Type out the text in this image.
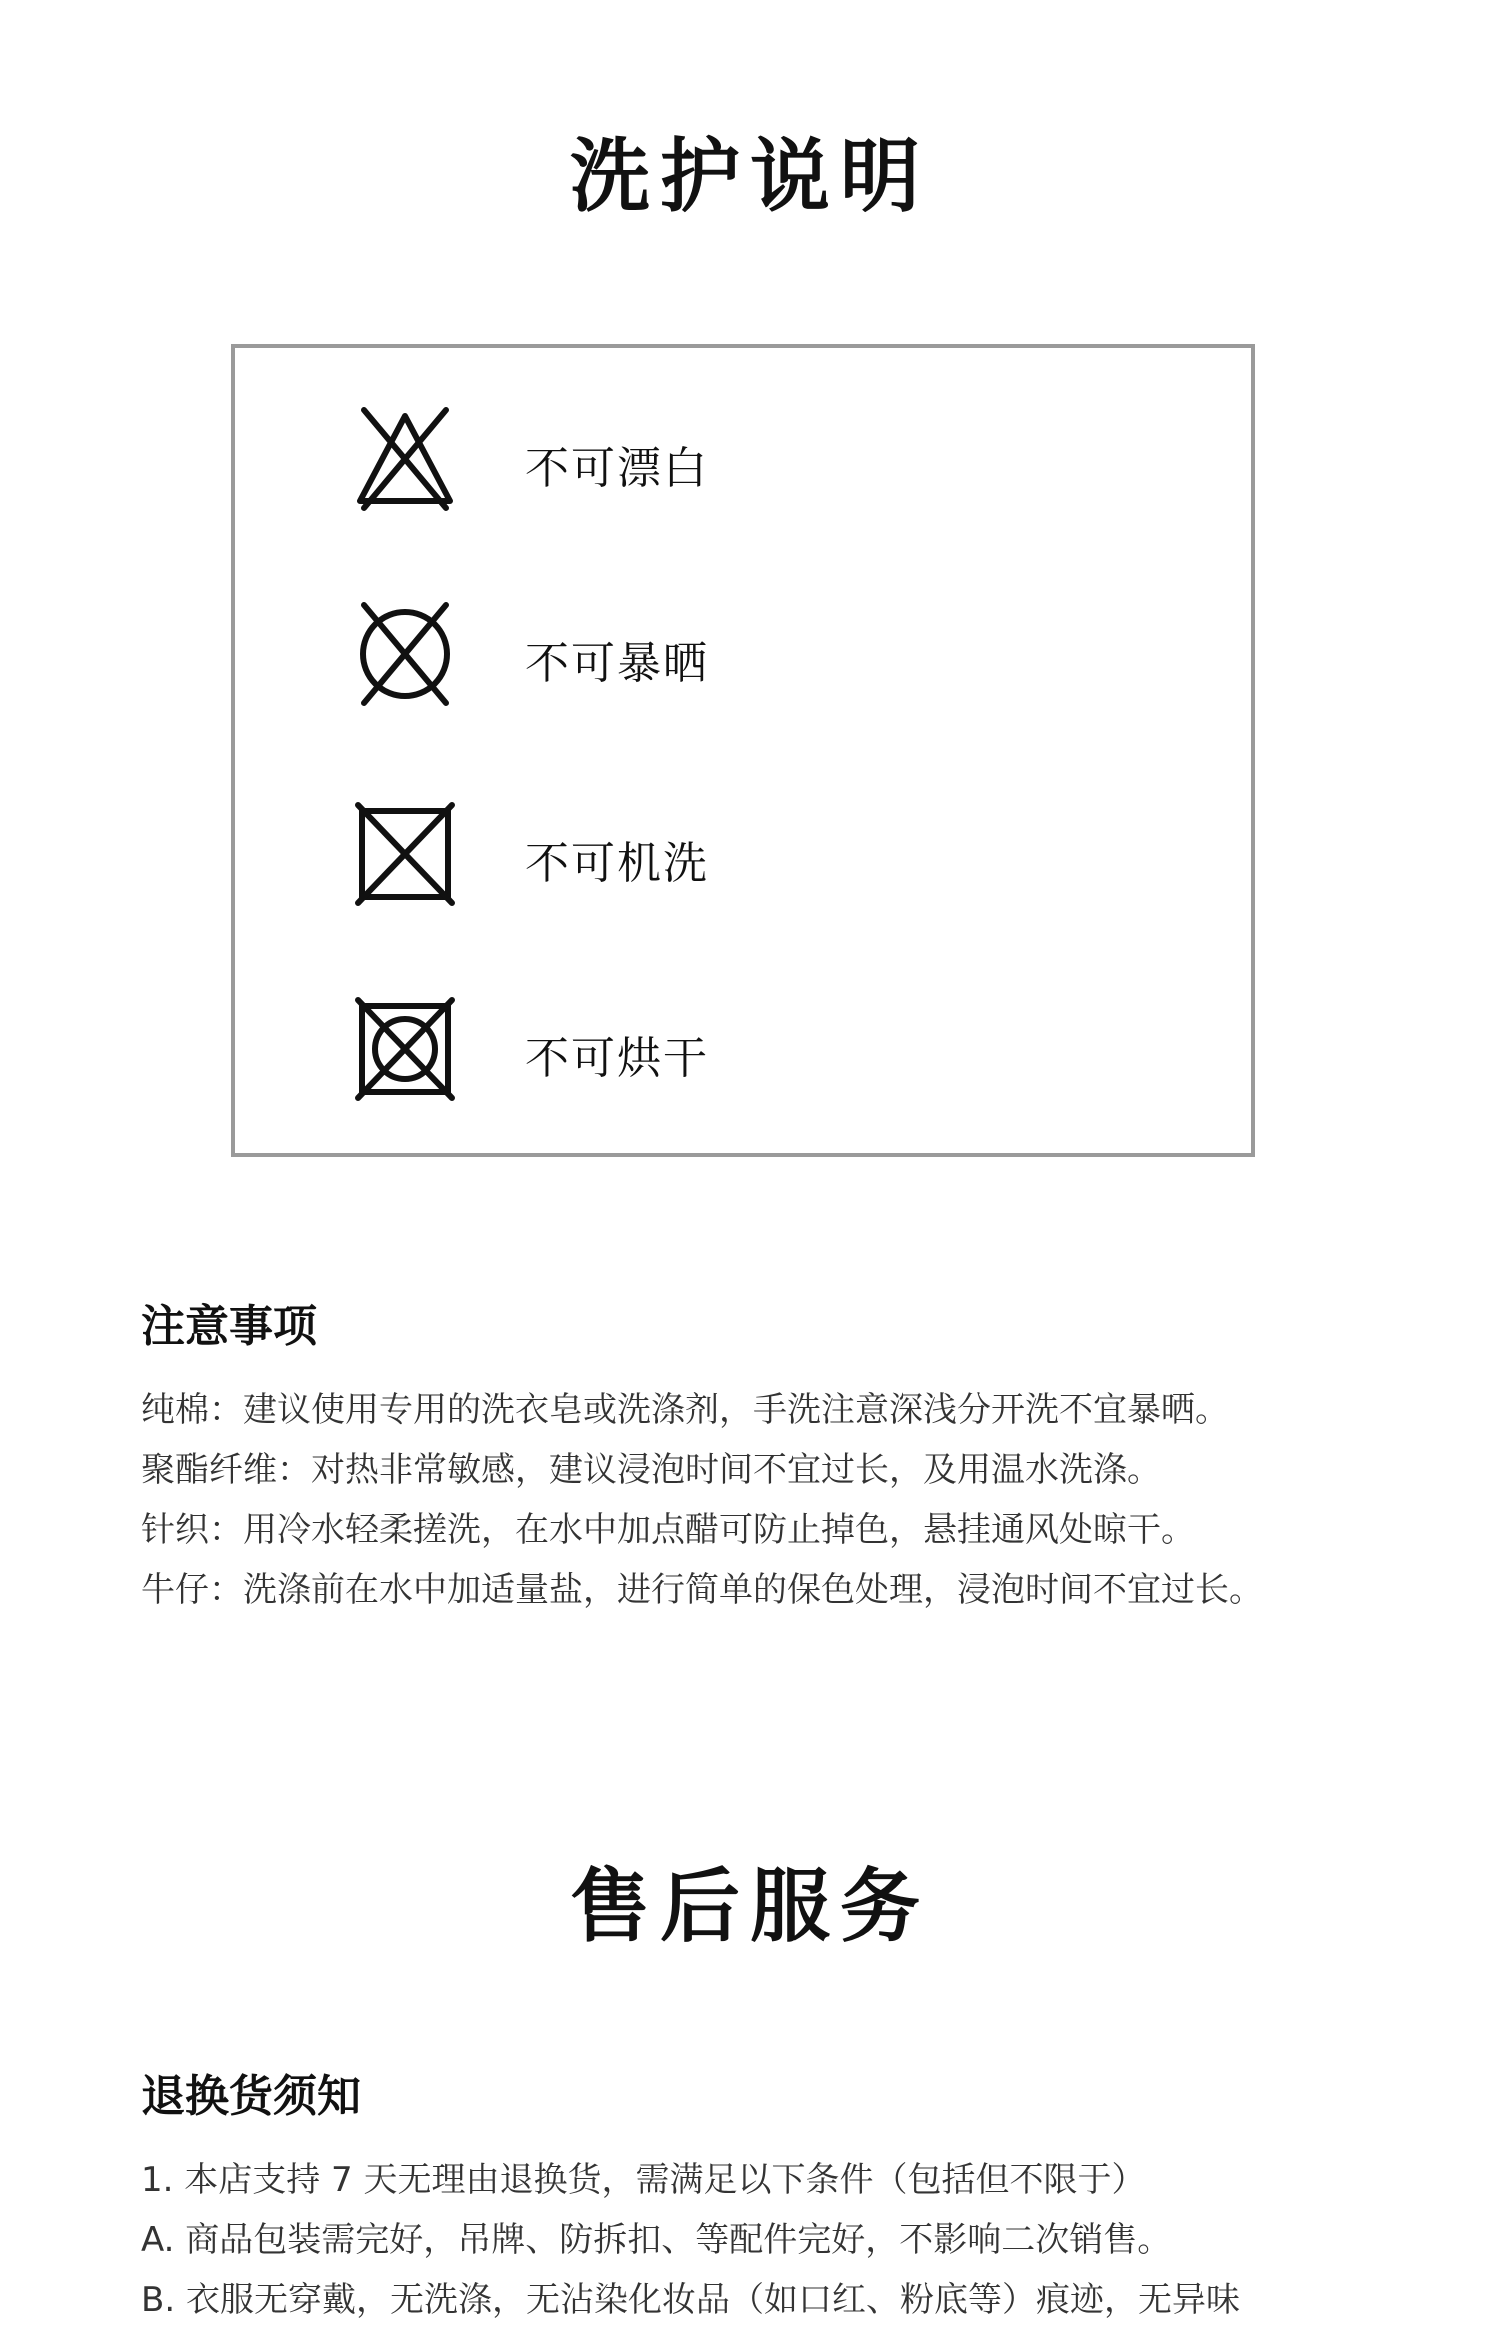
洗护说明
不可漂白
不可暴晒
不可机洗
不可烘干
注意事项
纯棉：建议使用专用的洗衣皂或洗涤剂，手洗注意深浅分开洗不宜暴晒。
聚酯纤维：对热非常敏感，建议浸泡时间不宜过长，及用温水洗涤。
针织：用冷水轻柔搓洗，在水中加点醋可防止掉色，悬挂通风处晾干。
牛仔：洗涤前在水中加适量盐，进行简单的保色处理，浸泡时间不宜过长。
售后服务
退换货须知
1. 本店支持 7 天无理由退换货，需满足以下条件（包括但不限于）
A. 商品包装需完好，吊牌、防拆扣、等配件完好，不影响二次销售。
B. 衣服无穿戴，无洗涤，无沾染化妆品（如口红、粉底等）痕迹，无异味
